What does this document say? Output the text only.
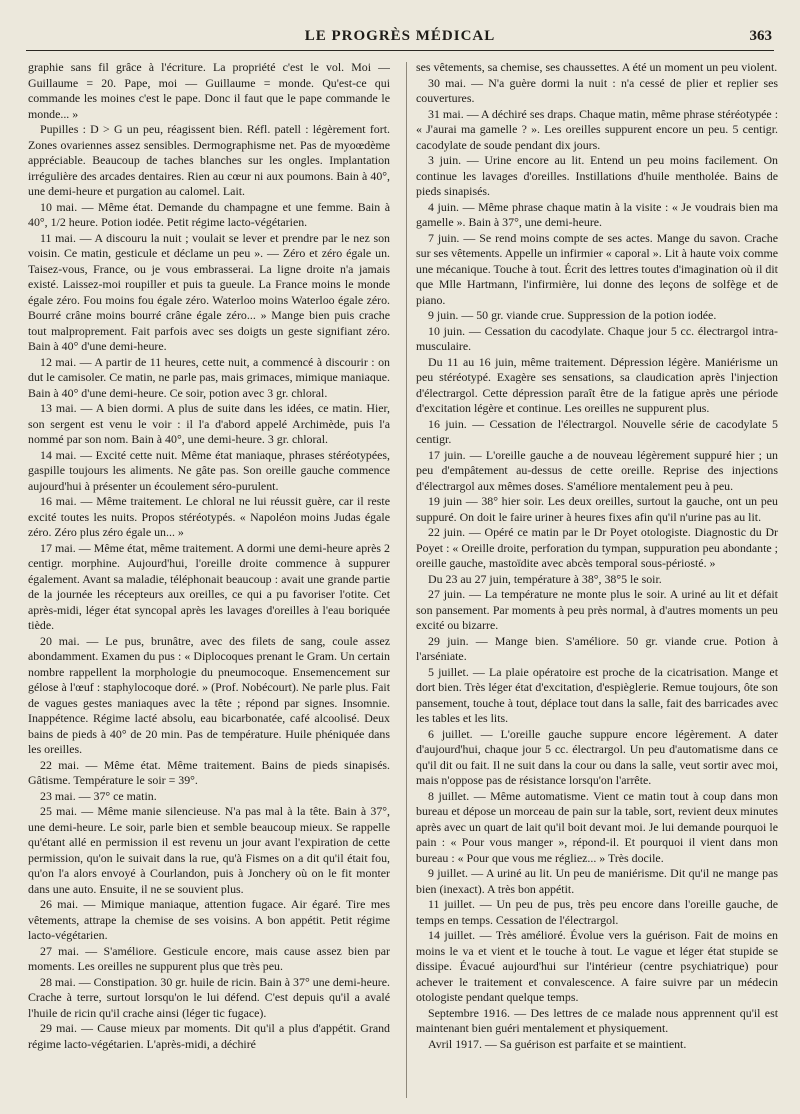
LE PROGRÈS MÉDICAL	363

graphie sans fil grâce à l'écriture. La propriété c'est le vol. Moi — Guillaume = 20. Pape, moi — Guillaume = monde. Qu'est-ce qui commande les moines c'est le pape. Donc il faut que le pape commande le monde... »

Pupilles : D > G un peu, réagissent bien. Réfl. patell : légèrement fort. Zones ovariennes assez sensibles. Dermographisme net. Pas de myoœdème appréciable. Beaucoup de taches blanches sur les ongles. Implantation irrégulière des arcades dentaires. Rien au cœur ni aux poumons. Bain à 40°, une demi-heure et purgation au calomel. Lait.

10 mai. — Même état. Demande du champagne et une femme. Bain à 40°, 1/2 heure. Potion iodée. Petit régime lacto-végétarien.

11 mai. — A discouru la nuit ; voulait se lever et prendre par le nez son voisin. Ce matin, gesticule et déclame un peu ». — Zéro et zéro égale un. Taisez-vous, France, ou je vous embrasserai. La ligne droite n'a jamais existé. Laissez-moi roupiller et puis ta gueule. La France moins le monde égale zéro. Fou moins fou égale zéro. Waterloo moins Waterloo égale zéro. Bourré crâne moins bourré crâne égale zéro... » Mange bien puis crache tout malproprement. Fait parfois avec ses doigts un geste signifiant zéro. Bain à 40° d'une demi-heure.

12 mai. — A partir de 11 heures, cette nuit, a commencé à discourir : on dut le camisoler. Ce matin, ne parle pas, mais grimaces, mimique maniaque. Bain à 40° d'une demi-heure. Ce soir, potion avec 3 gr. chloral.

13 mai. — A bien dormi. A plus de suite dans les idées, ce matin. Hier, son sergent est venu le voir : il l'a d'abord appelé Archimède, puis l'a nommé par son nom. Bain à 40°, une demi-heure. 3 gr. chloral.

14 mai. — Excité cette nuit. Même état maniaque, phrases stéréotypées, gaspille toujours les aliments. Ne gâte pas. Son oreille gauche commence aujourd'hui à présenter un écoulement séro-purulent.

16 mai. — Même traitement. Le chloral ne lui réussit guère, car il reste excité toutes les nuits. Propos stéréotypés. « Napoléon moins Judas égale zéro. Zéro plus zéro égale un... »

17 mai. — Même état, même traitement. A dormi une demi-heure après 2 centigr. morphine. Aujourd'hui, l'oreille droite commence à suppurer également. Avant sa maladie, téléphonait beaucoup : avait une grande partie de la journée les récepteurs aux oreilles, ce qui a pu favoriser l'otite. Cet après-midi, léger état syncopal après les lavages d'oreilles à l'eau boriquée tiède.

20 mai. — Le pus, brunâtre, avec des filets de sang, coule assez abondamment. Examen du pus : « Diplocoques prenant le Gram. Un certain nombre rappellent la morphologie du pneumocoque. Ensemencement sur gélose à l'œuf : staphylocoque doré. » (Prof. Nobécourt). Ne parle plus. Fait de vagues gestes maniaques avec la tête ; répond par signes. Insomnie. Inappétence. Régime lacté absolu, eau bicarbonatée, café alcoolisé. Deux bains de pieds à 40° de 20 min. Pas de température. Huile phéniquée dans les oreilles.

22 mai. — Même état. Même traitement. Bains de pieds sinapisés. Gâtisme. Température le soir = 39°.

23 mai. — 37° ce matin.

25 mai. — Même manie silencieuse. N'a pas mal à la tête. Bain à 37°, une demi-heure. Le soir, parle bien et semble beaucoup mieux. Se rappelle qu'étant allé en permission il est revenu un jour avant l'expiration de cette permission, qu'on le suivait dans la rue, qu'à Fismes on a dit qu'il était fou, qu'on l'a alors envoyé à Courlandon, puis à Jonchery où on le fit monter dans une auto. Ensuite, il ne se souvient plus.

26 mai. — Mimique maniaque, attention fugace. Air égaré. Tire mes vêtements, attrape la chemise de ses voisins. A bon appétit. Petit régime lacto-végétarien.

27 mai. — S'améliore. Gesticule encore, mais cause assez bien par moments. Les oreilles ne suppurent plus que très peu.

28 mai. — Constipation. 30 gr. huile de ricin. Bain à 37° une demi-heure. Crache à terre, surtout lorsqu'on le lui défend. C'est depuis qu'il a avalé l'huile de ricin qu'il crache ainsi (léger tic fugace).

29 mai. — Cause mieux par moments. Dit qu'il a plus d'appétit. Grand régime lacto-végétarien. L'après-midi, a déchiré

ses vêtements, sa chemise, ses chaussettes. A été un moment un peu violent.

30 mai. — N'a guère dormi la nuit : n'a cessé de plier et replier ses couvertures.

31 mai. — A déchiré ses draps. Chaque matin, même phrase stéréotypée : « J'aurai ma gamelle ? ». Les oreilles suppurent encore un peu. 5 centigr. cacodylate de soude pendant dix jours.

3 juin. — Urine encore au lit. Entend un peu moins facilement. On continue les lavages d'oreilles. Instillations d'huile mentholée. Bains de pieds sinapisés.

4 juin. — Même phrase chaque matin à la visite : « Je voudrais bien ma gamelle ». Bain à 37°, une demi-heure.

7 juin. — Se rend moins compte de ses actes. Mange du savon. Crache sur ses vêtements. Appelle un infirmier « caporal ». Lit à haute voix comme une mécanique. Touche à tout. Écrit des lettres toutes d'imagination où il dit que Mlle Hartmann, l'infirmière, lui donne des leçons de solfège et de piano.

9 juin. — 50 gr. viande crue. Suppression de la potion iodée.

10 juin. — Cessation du cacodylate. Chaque jour 5 cc. électrargol intra-musculaire.

Du 11 au 16 juin, même traitement. Dépression légère. Maniérisme un peu stéréotypé. Exagère ses sensations, sa claudication après l'injection d'électrargol. Cette dépression paraît être de la fatigue après une période d'excitation légère et continue. Les oreilles ne suppurent plus.

16 juin. — Cessation de l'électrargol. Nouvelle série de cacodylate 5 centigr.

17 juin. — L'oreille gauche a de nouveau légèrement suppuré hier ; un peu d'empâtement au-dessus de cette oreille. Reprise des injections d'électrargol aux mêmes doses. S'améliore mentalement peu à peu.

19 juin — 38° hier soir. Les deux oreilles, surtout la gauche, ont un peu suppuré. On doit le faire uriner à heures fixes afin qu'il n'urine pas au lit.

22 juin. — Opéré ce matin par le Dr Poyet otologiste. Diagnostic du Dr Poyet : « Oreille droite, perforation du tympan, suppuration peu abondante ; oreille gauche, mastoïdite avec abcès temporal sous-périosté. »

Du 23 au 27 juin, température à 38°, 38°5 le soir.

27 juin. — La température ne monte plus le soir. A uriné au lit et défait son pansement. Par moments à peu près normal, à d'autres moments un peu excité ou bizarre.

29 juin. — Mange bien. S'améliore. 50 gr. viande crue. Potion à l'arséniate.

5 juillet. — La plaie opératoire est proche de la cicatrisation. Mange et dort bien. Très léger état d'excitation, d'espièglerie. Remue toujours, ôte son pansement, touche à tout, déplace tout dans la salle, fait des barricades avec les tables et les lits.

6 juillet. — L'oreille gauche suppure encore légèrement. A dater d'aujourd'hui, chaque jour 5 cc. électrargol. Un peu d'automatisme dans ce qu'il dit ou fait. Il ne suit dans la cour ou dans la salle, veut sortir avec moi, mais n'oppose pas de résistance lorsqu'on l'arrête.

8 juillet. — Même automatisme. Vient ce matin tout à coup dans mon bureau et dépose un morceau de pain sur la table, sort, revient deux minutes après avec un quart de lait qu'il boit devant moi. Je lui demande pourquoi le pain : « Pour vous manger », répond-il. Et pourquoi il vient dans mon bureau : « Pour que vous me régliez... » Très docile.

9 juillet. — A uriné au lit. Un peu de maniérisme. Dit qu'il ne mange pas bien (inexact). A très bon appétit.

11 juillet. — Un peu de pus, très peu encore dans l'oreille gauche, de temps en temps. Cessation de l'électrargol.

14 juillet. — Très amélioré. Évolue vers la guérison. Fait de moins en moins le va et vient et le touche à tout. Le vague et léger état stupide se dissipe. Évacué aujourd'hui sur l'intérieur (centre psychiatrique) pour achever le traitement et convalescence. A faire suivre par un médecin otologiste pendant quelque temps.

Septembre 1916. — Des lettres de ce malade nous apprennent qu'il est maintenant bien guéri mentalement et physiquement.

Avril 1917. — Sa guérison est parfaite et se maintient.
